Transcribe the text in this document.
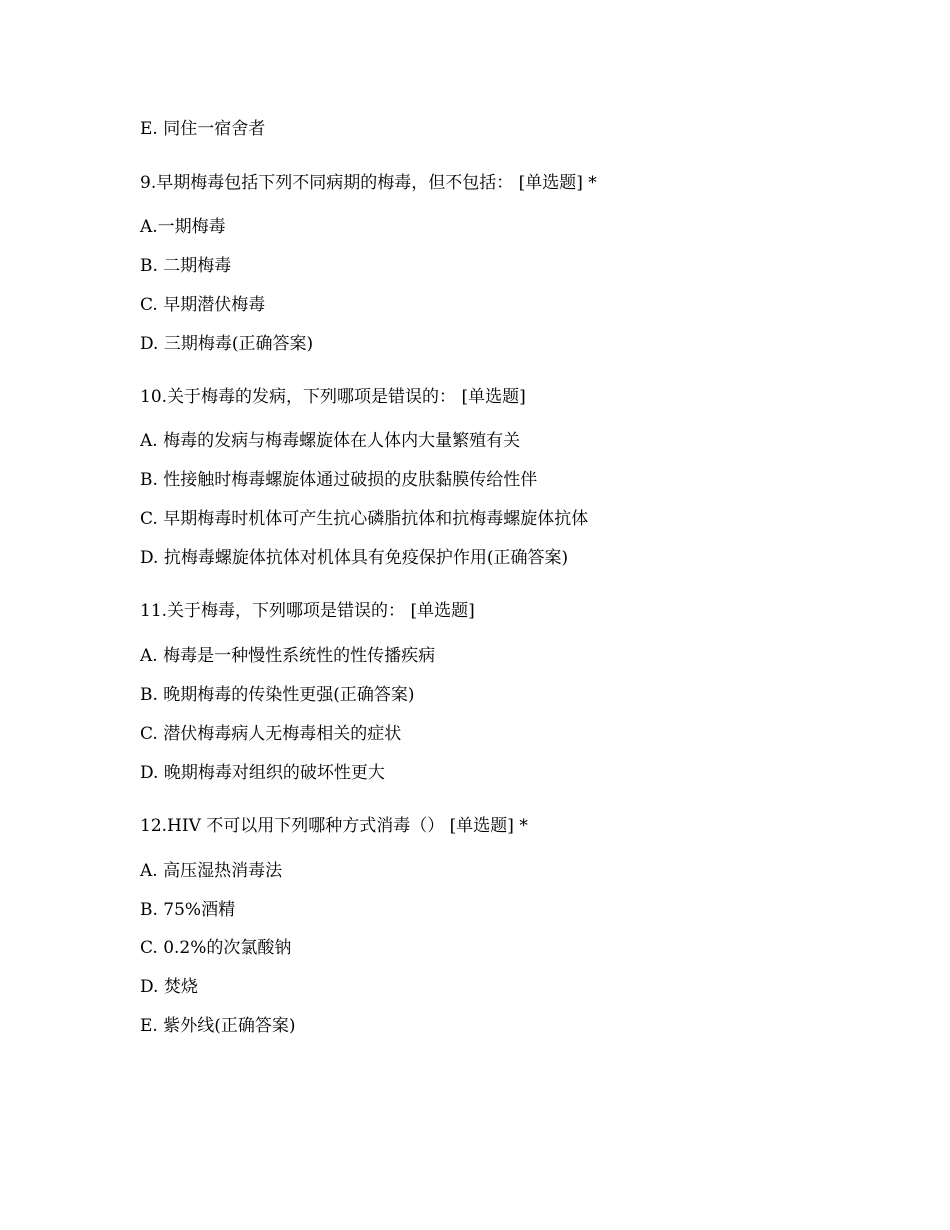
E. 同住一宿舍者
9.早期梅毒包括下列不同病期的梅毒，但不包括： [单选题] *
A.一期梅毒
B. 二期梅毒
C. 早期潜伏梅毒
D. 三期梅毒(正确答案)
10.关于梅毒的发病，下列哪项是错误的： [单选题]
A. 梅毒的发病与梅毒螺旋体在人体内大量繁殖有关
B. 性接触时梅毒螺旋体通过破损的皮肤黏膜传给性伴
C. 早期梅毒时机体可产生抗心磷脂抗体和抗梅毒螺旋体抗体
D. 抗梅毒螺旋体抗体对机体具有免疫保护作用(正确答案)
11.关于梅毒，下列哪项是错误的： [单选题]
A. 梅毒是一种慢性系统性的性传播疾病
B. 晚期梅毒的传染性更强(正确答案)
C. 潜伏梅毒病人无梅毒相关的症状
D. 晚期梅毒对组织的破坏性更大
12.HIV 不可以用下列哪种方式消毒（） [单选题] *
A. 高压湿热消毒法
B. 75%酒精
C. 0.2%的次氯酸钠
D. 焚烧
E. 紫外线(正确答案)
